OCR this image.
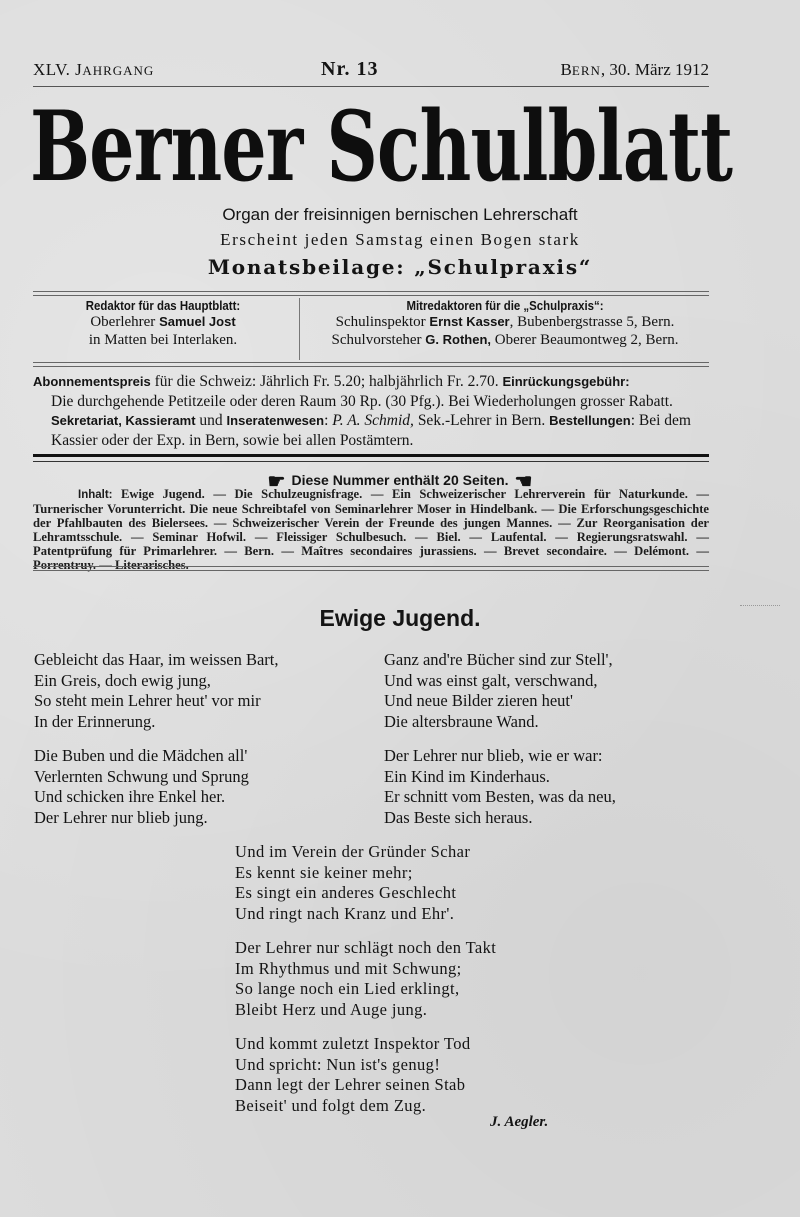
XLV. JAHRGANG	Nr. 13	BERN, 30. März 1912
Berner Schulblatt
Organ der freisinnigen bernischen Lehrerschaft
Erscheint jeden Samstag einen Bogen stark
Monatsbeilage: „Schulpraxis“
Redaktor für das Hauptblatt:
Oberlehrer Samuel Jost
in Matten bei Interlaken.
Mitredaktoren für die „Schulpraxis“:
Schulinspektor Ernst Kasser, Bubenbergstrasse 5, Bern.
Schulvorsteher G. Rothen, Oberer Beaumontweg 2, Bern.

Abonnementspreis für die Schweiz: Jährlich Fr. 5.20; halbjährlich Fr. 2.70. Einrückungsgebühr:

Die durchgehende Petitzeile oder deren Raum 30 Rp. (30 Pfg.). Bei Wiederholungen grosser Rabatt. Sekretariat, Kassieramt und Inseratenwesen: P. A. Schmid, Sek.-Lehrer in Bern. Bestellungen: Bei dem Kassier oder der Exp. in Bern, sowie bei allen Postämtern.

☛ Diese Nummer enthält 20 Seiten. ☚
Inhalt: Ewige Jugend. — Die Schulzeugnisfrage. — Ein Schweizerischer Lehrerverein für Naturkunde. — Turnerischer Vorunterricht. Die neue Schreibtafel von Seminarlehrer Moser in Hindelbank. — Die Erforschungsgeschichte der Pfahlbauten des Bielersees. — Schweizerischer Verein der Freunde des jungen Mannes. — Zur Reorganisation der Lehramtsschule. — Seminar Hofwil. — Fleissiger Schulbesuch. — Biel. — Laufental. — Regierungsratswahl. — Patentprüfung für Primarlehrer. — Bern. — Maîtres secondaires jurassiens. — Brevet secondaire. — Delémont. — Porrentruy. — Literarisches.
Ewige Jugend.
Gebleicht das Haar, im weissen Bart,
Ein Greis, doch ewig jung,
So steht mein Lehrer heut' vor mir
In der Erinnerung.
Ganz and're Bücher sind zur Stell',
Und was einst galt, verschwand,
Und neue Bilder zieren heut'
Die altersbraune Wand.
Die Buben und die Mädchen all'
Verlernten Schwung und Sprung
Und schicken ihre Enkel her.
Der Lehrer nur blieb jung.
Der Lehrer nur blieb, wie er war:
Ein Kind im Kinderhaus.
Er schnitt vom Besten, was da neu,
Das Beste sich heraus.
Und im Verein der Gründer Schar
Es kennt sie keiner mehr;
Es singt ein anderes Geschlecht
Und ringt nach Kranz und Ehr'.
Der Lehrer nur schlägt noch den Takt
Im Rhythmus und mit Schwung;
So lange noch ein Lied erklingt,
Bleibt Herz und Auge jung.
Und kommt zuletzt Inspektor Tod
Und spricht: Nun ist's genug!
Dann legt der Lehrer seinen Stab
Beiseit' und folgt dem Zug.
J. Aegler.
